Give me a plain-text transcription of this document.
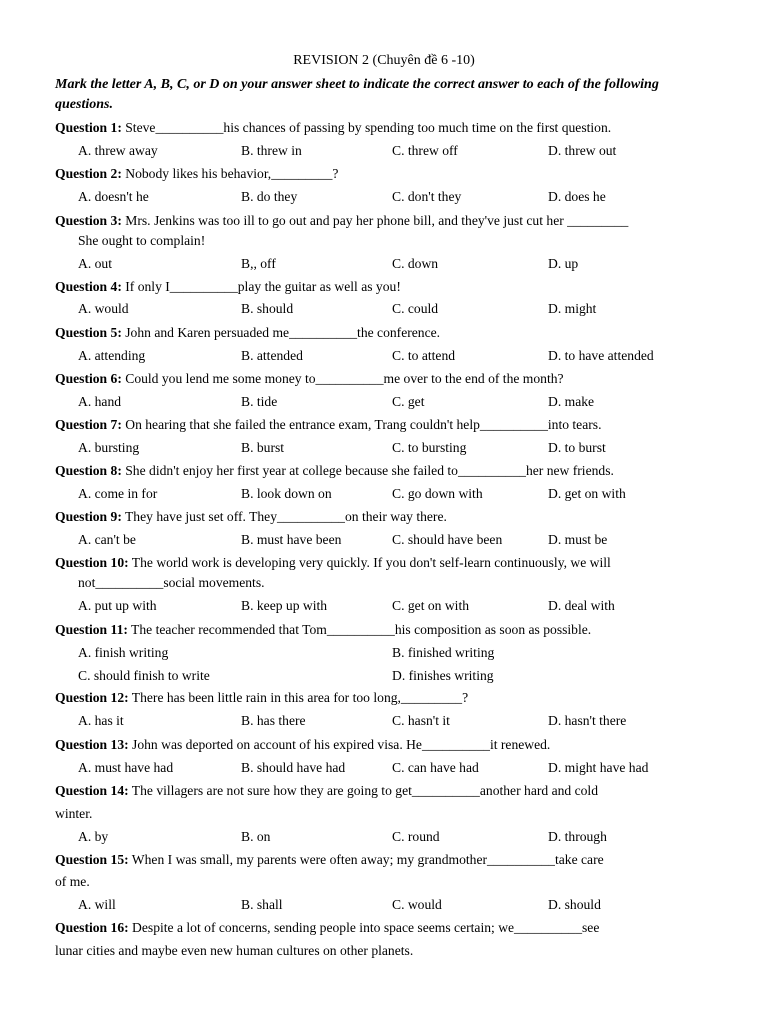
REVISION 2 (Chuyên đề 6 -10)
Mark the letter A, B, C, or D on your answer sheet to indicate the correct answer to each of the following questions.
Question 1: Steve__________his chances of passing by spending too much time on the first question.
A. threw away	B. threw in	C. threw off	D. threw out
Question 2: Nobody likes his behavior,_________?
A. doesn't he	B. do they	C. don't they	D. does he
Question 3: Mrs. Jenkins was too ill to go out and pay her phone bill, and they've just cut her _________
She ought to complain!
A. out	B,, off	C. down	D. up
Question 4: If only I__________play the guitar as well as you!
A. would	B. should	C. could	D. might
Question 5: John and Karen persuaded me__________the conference.
A. attending	B. attended	C. to attend	D. to have attended
Question 6: Could you lend me some money to__________me over to the end of the month?
A. hand	B. tide	C. get	D. make
Question 7: On hearing that she failed the entrance exam, Trang couldn't help__________into tears.
A. bursting	B. burst	C. to bursting	D. to burst
Question 8: She didn't enjoy her first year at college because she failed to__________her new friends.
A. come in for	B. look down on	C. go down with	D. get on with
Question 9: They have just set off. They__________on their way there.
A. can't be	B. must have been	C. should have been	D. must be
Question 10: The world work is developing very quickly. If you don't self-learn continuously, we will
not__________social movements.
A. put up with	B. keep up with	C. get on with	D. deal with
Question 11: The teacher recommended that Tom__________his composition as soon as possible.
A. finish writing	B. finished writing
C. should finish to write	D. finishes writing
Question 12: There has been little rain in this area for too long,_________?
A. has it	B. has there	C. hasn't it	D. hasn't there
Question 13: John was deported on account of his expired visa. He__________it renewed.
A. must have had	B. should have had	C. can have had	D. might have had
Question 14: The villagers are not sure how they are going to get__________another hard and cold
winter.
A. by	B. on	C. round	D. through
Question 15: When I was small, my parents were often away; my grandmother__________take care
of me.
A. will	B. shall	C. would	D. should
Question 16: Despite a lot of concerns, sending people into space seems certain; we__________see
lunar cities and maybe even new human cultures on other planets.
